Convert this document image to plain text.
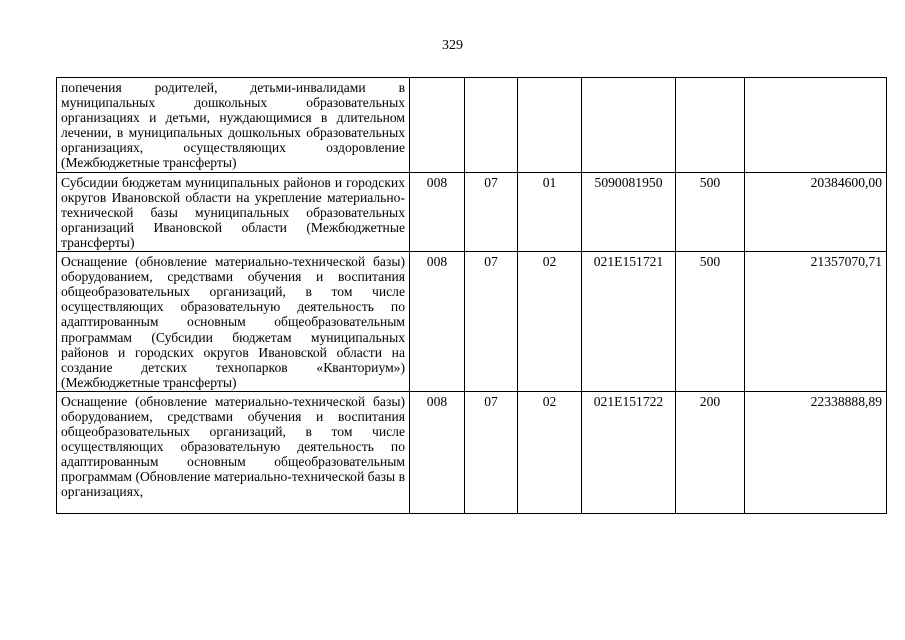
329
попечения родителей, детьми-инвалидами в муниципальных дошкольных образовательных организациях и детьми, нуждающимися в длительном лечении, в муниципальных дошкольных образовательных организациях, осуществляющих оздоровление (Межбюджетные трансферты)						
Субсидии бюджетам муниципальных районов и городских округов Ивановской области на укрепление материально-технической базы муниципальных образовательных организаций Ивановской области (Межбюджетные трансферты)	008	07	01	5090081950	500	20384600,00
Оснащение (обновление материально-технической базы) оборудованием, средствами обучения и воспитания общеобразовательных организаций, в том числе осуществляющих образовательную деятельность по адаптированным основным общеобразовательным программам (Субсидии бюджетам муниципальных районов и городских округов Ивановской области на создание детских технопарков «Кванториум») (Межбюджетные трансферты)	008	07	02	021E151721	500	21357070,71
Оснащение (обновление материально-технической базы) оборудованием, средствами обучения и воспитания общеобразовательных организаций, в том числе осуществляющих образовательную деятельность по адаптированным основным общеобразовательным программам (Обновление материально-технической базы в организациях,	008	07	02	021E151722	200	22338888,89
